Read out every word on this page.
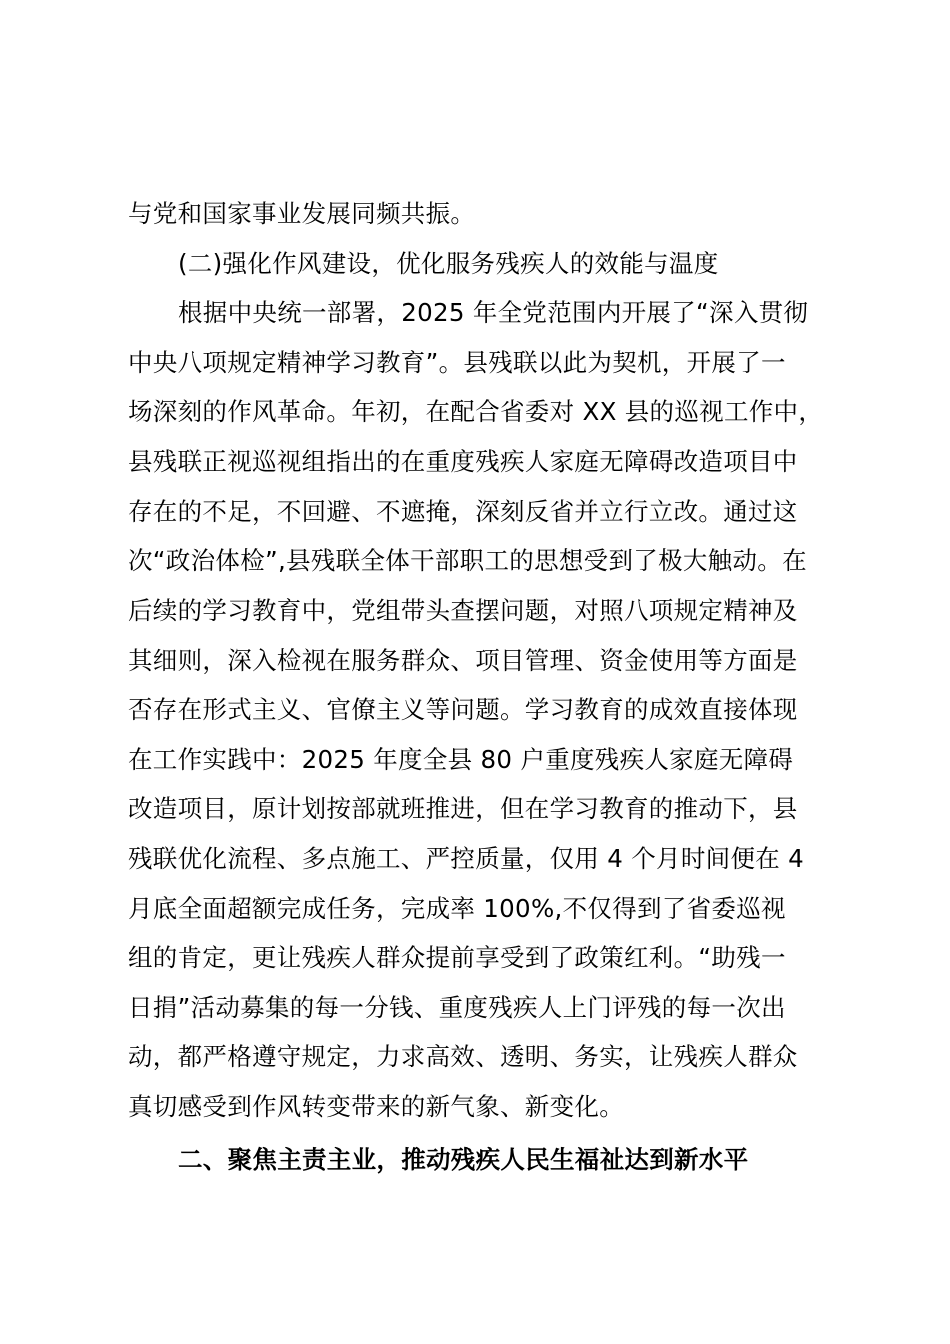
与党和国家事业发展同频共振。
(二)强化作风建设，优化服务残疾人的效能与温度
根据中央统一部署，2025 年全党范围内开展了“深入贯彻
中央八项规定精神学习教育”。县残联以此为契机，开展了一
场深刻的作风革命。年初，在配合省委对 XX 县的巡视工作中，
县残联正视巡视组指出的在重度残疾人家庭无障碍改造项目中
存在的不足，不回避、不遮掩，深刻反省并立行立改。通过这
次“政治体检”,县残联全体干部职工的思想受到了极大触动。在
后续的学习教育中，党组带头查摆问题，对照八项规定精神及
其细则，深入检视在服务群众、项目管理、资金使用等方面是
否存在形式主义、官僚主义等问题。学习教育的成效直接体现
在工作实践中：2025 年度全县 80 户重度残疾人家庭无障碍
改造项目，原计划按部就班推进，但在学习教育的推动下，县
残联优化流程、多点施工、严控质量，仅用 4 个月时间便在 4
月底全面超额完成任务，完成率 100%,不仅得到了省委巡视
组的肯定，更让残疾人群众提前享受到了政策红利。“助残一
日捐”活动募集的每一分钱、重度残疾人上门评残的每一次出
动，都严格遵守规定，力求高效、透明、务实，让残疾人群众
真切感受到作风转变带来的新气象、新变化。
二、聚焦主责主业，推动残疾人民生福祉达到新水平
